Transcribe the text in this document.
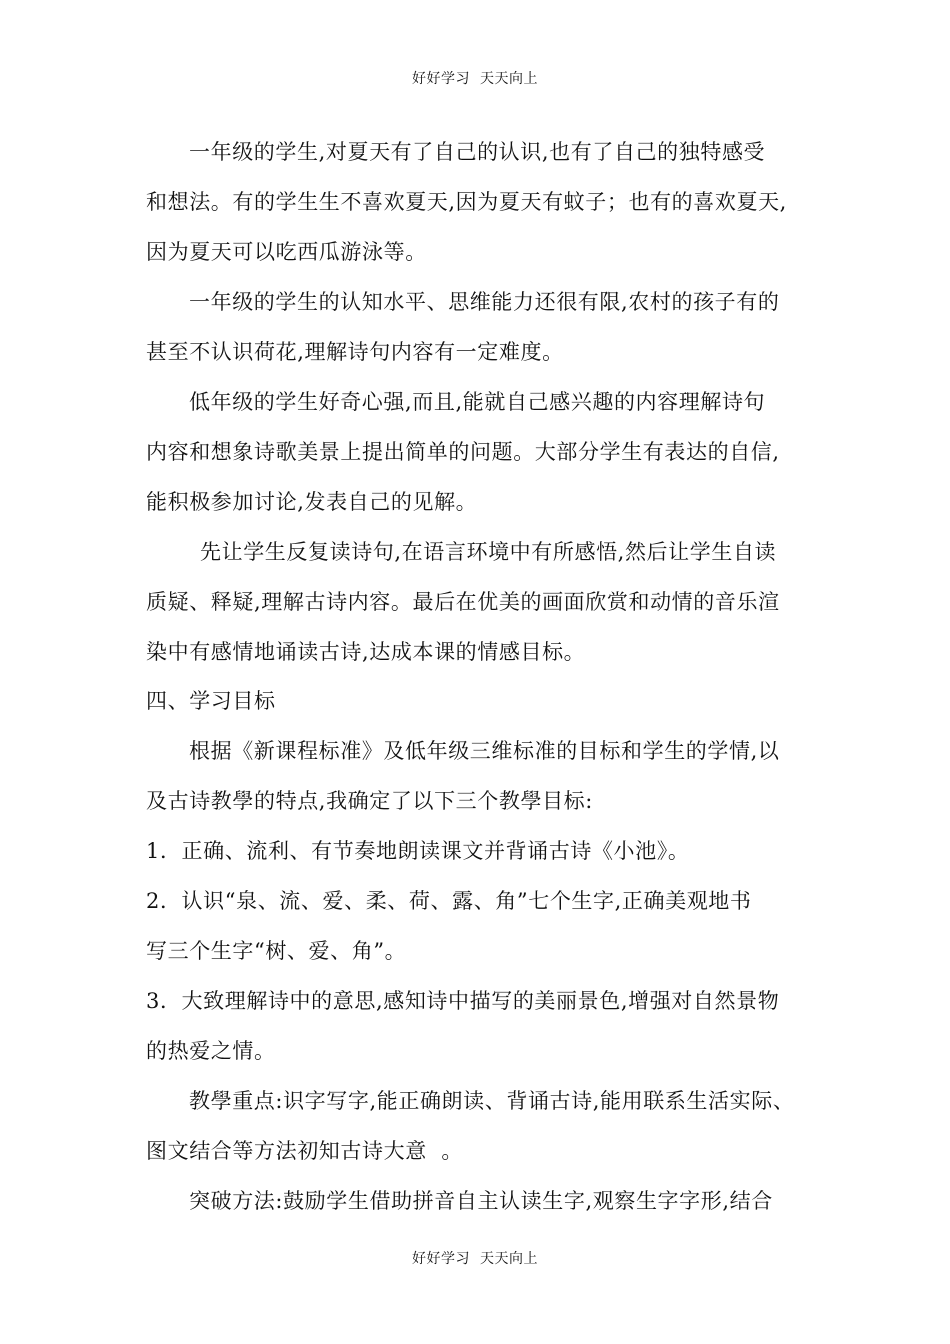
好好学习  天天向上
一年级的学生,对夏天有了自己的认识,也有了自己的独特感受
和想法。有的学生生不喜欢夏天,因为夏天有蚊子；也有的喜欢夏天,
因为夏天可以吃西瓜游泳等。
一年级的学生的认知水平、思维能力还很有限,农村的孩子有的
甚至不认识荷花,理解诗句内容有一定难度。
低年级的学生好奇心强,而且,能就自己感兴趣的内容理解诗句
内容和想象诗歌美景上提出简单的问题。大部分学生有表达的自信,
能积极参加讨论,发表自己的见解。
先让学生反复读诗句,在语言环境中有所感悟,然后让学生自读
质疑、释疑,理解古诗内容。最后在优美的画面欣赏和动情的音乐渲
染中有感情地诵读古诗,达成本课的情感目标。
四、学习目标
根据《新课程标准》及低年级三维标准的目标和学生的学情,以
及古诗教學的特点,我确定了以下三个教學目标:
1．正确、流利、有节奏地朗读课文并背诵古诗《小池》。
2．认识“泉、流、爱、柔、荷、露、角”七个生字,正确美观地书
写三个生字“树、爱、角”。
3．大致理解诗中的意思,感知诗中描写的美丽景色,增强对自然景物
的热爱之情。
教學重点:识字写字,能正确朗读、背诵古诗,能用联系生活实际、
图文结合等方法初知古诗大意  。
突破方法:鼓励学生借助拼音自主认读生字,观察生字字形,结合
好好学习  天天向上
